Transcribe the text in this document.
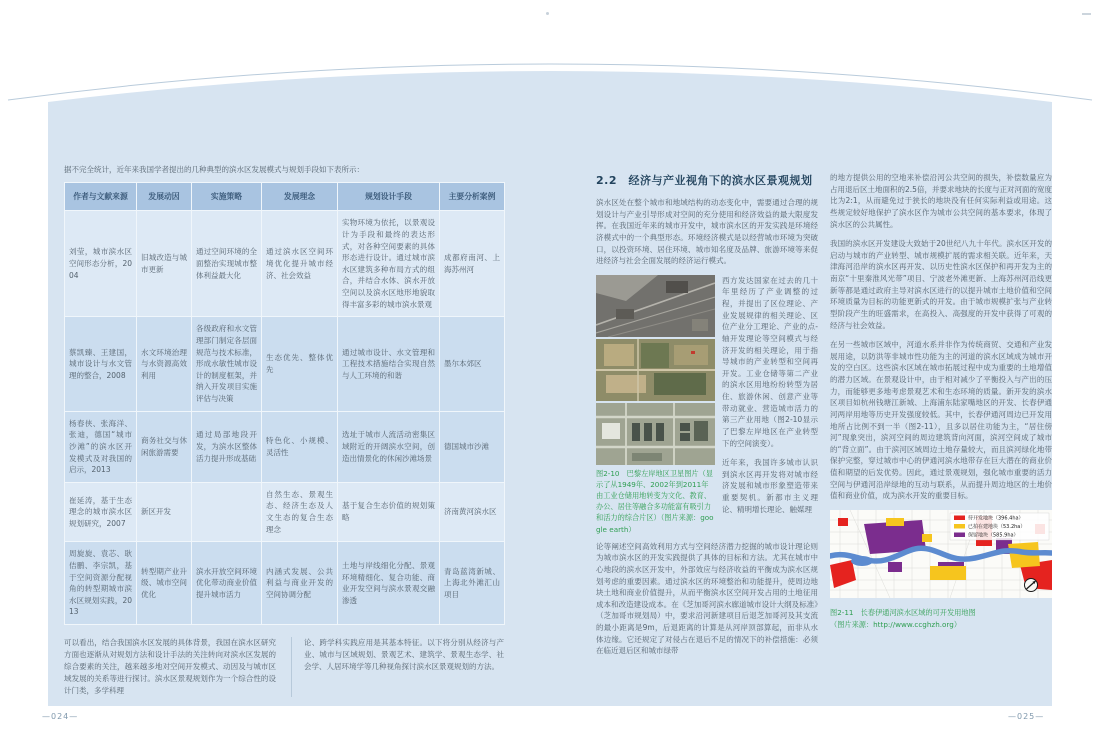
据不完全统计，近年来我国学者提出的几种典型的滨水区发展模式与规划手段如下表所示：

作者与文献来源	发展动因	实施策略	发展理念	规划设计手段	主要分析案例
刘莹，城市滨水区空间形态分析，2004	旧城改造与城市更新	通过空间环境的全面整治实现城市整体利益最大化	通过滨水区空间环境优化提升城市经济、社会效益	实物环境为依托，以景观设计为手段和最终的表达形式，对各种空间要素的具体形态进行设计。通过城市滨水区建筑多种布局方式的组合，并结合水体、滨水开放空间以及滨水区地形地貌取得丰富多彩的城市滨水景观	成都府南河、上海苏州河
蔡凯臻、王建国，城市设计与水文管理的整合，2008	水文环境治理与水资源高效利用	各级政府和水文管理部门制定各层面规范与技术标准，形成水敏性城市设计的制度框架，并纳入开发项目实施评估与决策	生态优先、整体优先	通过城市设计、水文管理和工程技术措施结合实现自然与人工环境的和谐	墨尔本郊区
杨春侠、张海洋、张迪，德国“城市沙滩”的滨水区开发模式及对我国的启示，2013	商务社交与休闲旅游需要	通过局部地段开发，为滨水区整体活力提升形成基础	特色化、小规模、灵活性	选址于城市人流活动密集区域附近的开阔滨水空间，创造出情景化的休闲沙滩场景	德国城市沙滩
崔延涛，基于生态理念的城市滨水区规划研究，2007	新区开发		自然生态、景观生态、经济生态及人文生态的复合生态理念	基于复合生态价值的规划策略	济南黄河滨水区
周旋旋、袁芯、耿佶鹏、李宗凯，基于空间资源分配视角的转型期城市滨水区规划实践，2013	转型期产业升级、城市空间优化	滨水开放空间环境优化带动商业价值提升城市活力	内涵式发展、公共利益与商业开发的空间协调分配	土地与岸线细化分配、景观环境精细化、复合功能、商业开发空间与滨水景观交融渗透	青岛蓝湾新城、上海北外滩汇山项目
可以看出，结合我国滨水区发展的具体背景，我国在滨水区研究方面也逐渐从对规划方法和设计手法的关注转向对滨水区发展的综合要素的关注，越来越多地对空间开发模式、动因及与城市区域发展的关系等进行探讨。滨水区景观规划作为一个综合性的设计门类，多学科理
论、跨学科实践应用是其基本特征。以下将分别从经济与产业、城市与区域规划、景观艺术、建筑学、景观生态学、社会学、人居环境学等几种视角探讨滨水区景观规划的方法。
2.2　经济与产业视角下的滨水区景观规划

滨水区处在整个城市和地域结构的动态变化中，需要通过合理的规划设计与产业引导形成对空间的充分使用和经济效益的最大限度发挥。在我国近年来的城市开发中，城市滨水区的开发实践是环境经济模式中的一个典型形态。环境经济模式是以经营城市环境为突破口，以投资环境、居住环境、城市知名度及品牌、旅游环境等来促进经济与社会全面发展的经济运行模式。

图2-10　巴黎左岸地区卫星图片（显示了从1949年、2002年到2011年由工业仓储用地转变为文化、教育、办公、居住等融合多功能富有吸引力和活力的综合片区）（图片来源：google earth）

西方发达国家在过去的几十年里经历了产业调整的过程，并提出了区位理论、产业发展规律的相关理论、区位产业分工理论、产业的点-轴开发理论等空间模式与经济开发的相关理论，用于指导城市的产业转型和空间再开发。工业仓储等第二产业的滨水区用地纷纷转型为居住、旅游休闲、创意产业等带动就业、营造城市活力的第三产业用地（图2-10显示了巴黎左岸地区在产业转型下的空间演变）。

近年来，我国许多城市认识到滨水区再开发将对城市经济发展和城市形象塑造带来重要契机。新都市主义理论、精明增长理论、触媒理

论等阐述空间高效利用方式与空间经济潜力挖掘的城市设计理论则为城市滨水区的开发实践提供了具体的目标和方法。尤其在城市中心地段的滨水区开发中，外部效应与经济收益的平衡成为滨水区规划考虑的重要因素。通过滨水区的环境整治和功能提升，使周边地块土地和商业价值提升，从而平衡滨水区空间开发占用的土地征用成本和改造建设成本。在《芝加哥河滨水廊道城市设计大纲及标准》（芝加哥市规划局）中，要求沿河新建项目后退芝加哥河及其支流的最小距离是9m，后退距离的计算是从河岸顶部算起，而非从水体边缘。它还规定了对侵占在退后不足的情况下的补偿措施：必须在临近退后区和城市绿带

的地方提供公用的空地来补偿沿河公共空间的损失，补偿数量应为占用退后区土地面积的2.5倍，并要求地块的长度与正对河面的宽度比为2:1，从而避免过于狭长的地块没有任何实际利益或用途。这些规定较好地保护了滨水区作为城市公共空间的基本要求，体现了滨水区的公共属性。

我国的滨水区开发建设大致始于20世纪八九十年代。滨水区开发的启动与城市的产业转型、城市规模扩展的需求相关联。近年来，天津海河沿岸的滨水区再开发、以历史性滨水区保护和再开发为主的南京“十里秦淮风光带”项目、宁波老外滩更新、上海苏州河沿线更新等都是通过政府主导对滨水区进行的以提升城市土地价值和空间环境质量为目标的功能更新式的开发。由于城市规模扩张与产业转型阶段产生的旺盛需求，在高投入、高强度的开发中获得了可观的经济与社会效益。

在另一些城市区域中，河道水系并非作为传统商贸、交通和产业发展用途，以防洪等非城市性功能为主的河道的滨水区域成为城市开发的空白区。这些滨水区域在城市拓展过程中成为重要的土地增值的潜力区域。在景观设计中，由于相对减少了平衡投入与产出的压力，而能够更多地考虑景观艺术和生态环境的质量。新开发的滨水区项目如杭州钱塘江新城、上海浦东陆家嘴地区的开发、长春伊通河两岸用地等历史开发强度较低。其中，长春伊通河周边已开发用地所占比例不到一半（图2-11），且多以居住功能为主，“居住傍河”现象突出，滨河空间的周边建筑背向河面，滨河空间成了城市的“背立面”。由于滨河区域周边土地存量较大，而且滨河绿化地带保护完整，穿过城市中心的伊通河滨水地带存在巨大潜在的商业价值和期望的后发优势。因此，通过景观规划，强化城市重要的活力空间与伊通河沿岸绿地的互动与联系，从而提升周边地区的土地价值和商业价值，成为滨水开发的重要目标。

待开发地块（396.4ha）
已拍在建地块（53.2ha）
保留地块（585.9ha）

图2-11　长春伊通河滨水区域的可开发用地图

（图片来源：http://www.ccghzh.org）

—024—	—025—
